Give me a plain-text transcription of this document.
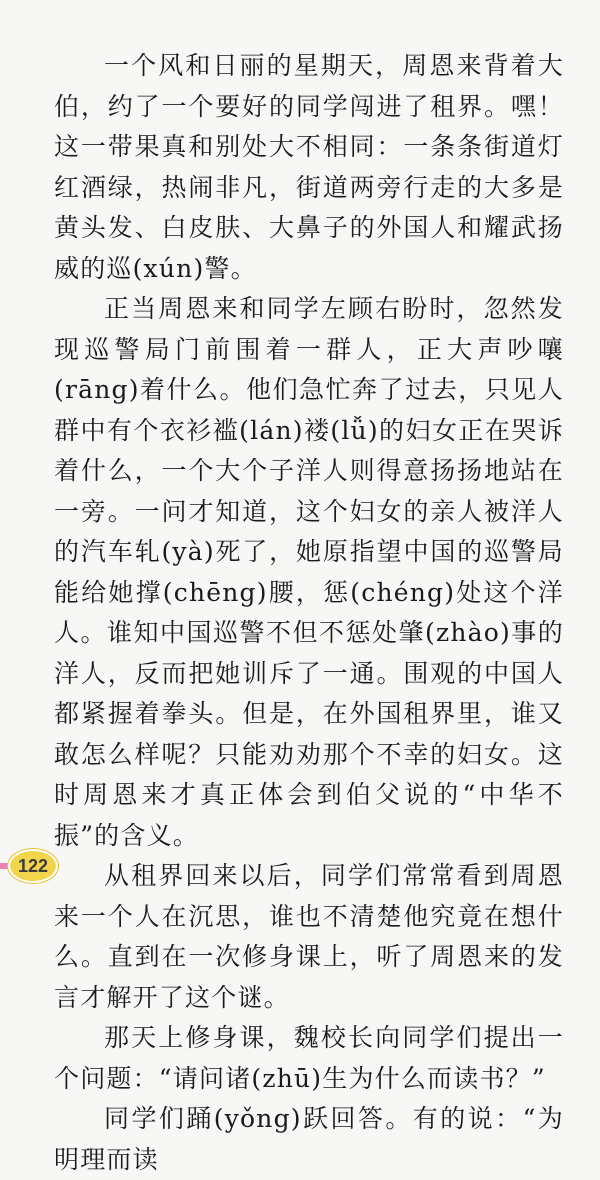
一个风和日丽的星期天，周恩来背着大伯，约了一个要好的同学闯进了租界。嘿！这一带果真和别处大不相同：一条条街道灯红酒绿，热闹非凡，街道两旁行走的大多是黄头发、白皮肤、大鼻子的外国人和耀武扬威的巡(xún)警。

正当周恩来和同学左顾右盼时，忽然发现巡警局门前围着一群人，正大声吵嚷(rāng)着什么。他们急忙奔了过去，只见人群中有个衣衫褴(lán)褛(lǚ)的妇女正在哭诉着什么，一个大个子洋人则得意扬扬地站在一旁。一问才知道，这个妇女的亲人被洋人的汽车轧(yà)死了，她原指望中国的巡警局能给她撑(chēng)腰，惩(chéng)处这个洋人。谁知中国巡警不但不惩处肇(zhào)事的洋人，反而把她训斥了一通。围观的中国人都紧握着拳头。但是，在外国租界里，谁又敢怎么样呢？只能劝劝那个不幸的妇女。这时周恩来才真正体会到伯父说的“中华不振”的含义。

从租界回来以后，同学们常常看到周恩来一个人在沉思，谁也不清楚他究竟在想什么。直到在一次修身课上，听了周恩来的发言才解开了这个谜。

那天上修身课，魏校长向同学们提出一个问题：“请问诸(zhū)生为什么而读书？”

同学们踊(yǒng)跃回答。有的说：“为明理而读

122
